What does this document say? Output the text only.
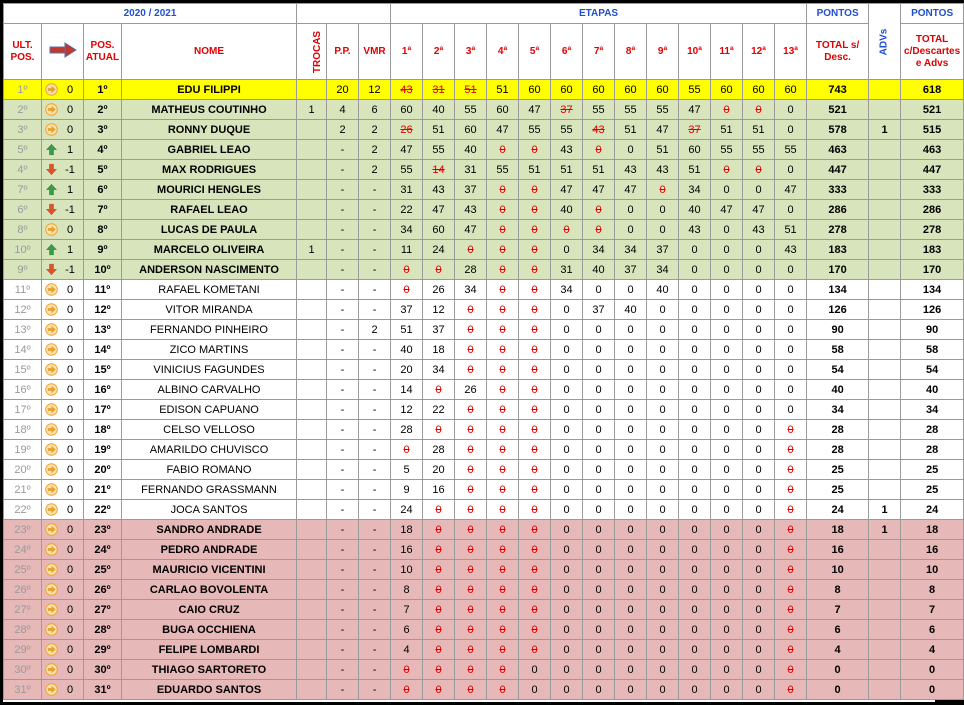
2020 / 2021							ETAPAS													PONTOS	ADVs	PONTOS
ULT. POS.		POS. ATUAL	NOME	TROCAS	P.P.	VMR	1ª	2ª	3ª	4ª	5ª	6ª	7ª	8ª	9ª	10ª	11ª	12ª	13ª	TOTAL s/ Desc.		TOTAL c/Descartes e Advs
1º	0	1º	EDU FILIPPI		20	12	43	31	51	51	60	60	60	60	60	55	60	60	60	743		618
2º	0	2º	MATHEUS COUTINHO	1	4	6	60	40	55	60	47	37	55	55	55	47	0	0	0	521		521
3º	0	3º	RONNY DUQUE		2	2	26	51	60	47	55	55	43	51	47	37	51	51	0	578	1	515
5º	1	4º	GABRIEL LEAO		-	2	47	55	40	0	0	43	0	0	51	60	55	55	55	463		463
4º	-1	5º	MAX RODRIGUES		-	2	55	14	31	55	51	51	51	43	43	51	0	0	0	447		447
7º	1	6º	MOURICI HENGLES		-	-	31	43	37	0	0	47	47	47	0	34	0	0	47	333		333
6º	-1	7º	RAFAEL LEAO		-	-	22	47	43	0	0	40	0	0	0	40	47	47	0	286		286
8º	0	8º	LUCAS DE PAULA		-	-	34	60	47	0	0	0	0	0	0	43	0	43	51	278		278
10º	1	9º	MARCELO OLIVEIRA	1	-	-	11	24	0	0	0	0	34	34	37	0	0	0	43	183		183
9º	-1	10º	ANDERSON NASCIMENTO		-	-	0	0	28	0	0	31	40	37	34	0	0	0	0	170		170
11º	0	11º	RAFAEL KOMETANI		-	-	0	26	34	0	0	34	0	0	40	0	0	0	0	134		134
12º	0	12º	VITOR MIRANDA		-	-	37	12	0	0	0	0	37	40	0	0	0	0	0	126		126
13º	0	13º	FERNANDO PINHEIRO		-	2	51	37	0	0	0	0	0	0	0	0	0	0	0	90		90
14º	0	14º	ZICO MARTINS		-	-	40	18	0	0	0	0	0	0	0	0	0	0	0	58		58
15º	0	15º	VINICIUS FAGUNDES		-	-	20	34	0	0	0	0	0	0	0	0	0	0	0	54		54
16º	0	16º	ALBINO CARVALHO		-	-	14	0	26	0	0	0	0	0	0	0	0	0	0	40		40
17º	0	17º	EDISON CAPUANO		-	-	12	22	0	0	0	0	0	0	0	0	0	0	0	34		34
18º	0	18º	CELSO VELLOSO		-	-	28	0	0	0	0	0	0	0	0	0	0	0	0	28		28
19º	0	19º	AMARILDO CHUVISCO		-	-	0	28	0	0	0	0	0	0	0	0	0	0	0	28		28
20º	0	20º	FABIO ROMANO		-	-	5	20	0	0	0	0	0	0	0	0	0	0	0	25		25
21º	0	21º	FERNANDO GRASSMANN		-	-	9	16	0	0	0	0	0	0	0	0	0	0	0	25		25
22º	0	22º	JOCA SANTOS		-	-	24	0	0	0	0	0	0	0	0	0	0	0	0	24	1	24
23º	0	23º	SANDRO ANDRADE		-	-	18	0	0	0	0	0	0	0	0	0	0	0	0	18	1	18
24º	0	24º	PEDRO ANDRADE		-	-	16	0	0	0	0	0	0	0	0	0	0	0	0	16		16
25º	0	25º	MAURICIO VICENTINI		-	-	10	0	0	0	0	0	0	0	0	0	0	0	0	10		10
26º	0	26º	CARLAO BOVOLENTA		-	-	8	0	0	0	0	0	0	0	0	0	0	0	0	8		8
27º	0	27º	CAIO CRUZ		-	-	7	0	0	0	0	0	0	0	0	0	0	0	0	7		7
28º	0	28º	BUGA OCCHIENA		-	-	6	0	0	0	0	0	0	0	0	0	0	0	0	6		6
29º	0	29º	FELIPE LOMBARDI		-	-	4	0	0	0	0	0	0	0	0	0	0	0	0	4		4
30º	0	30º	THIAGO SARTORETO		-	-	0	0	0	0	0	0	0	0	0	0	0	0	0	0		0
31º	0	31º	EDUARDO SANTOS		-	-	0	0	0	0	0	0	0	0	0	0	0	0	0	0		0
